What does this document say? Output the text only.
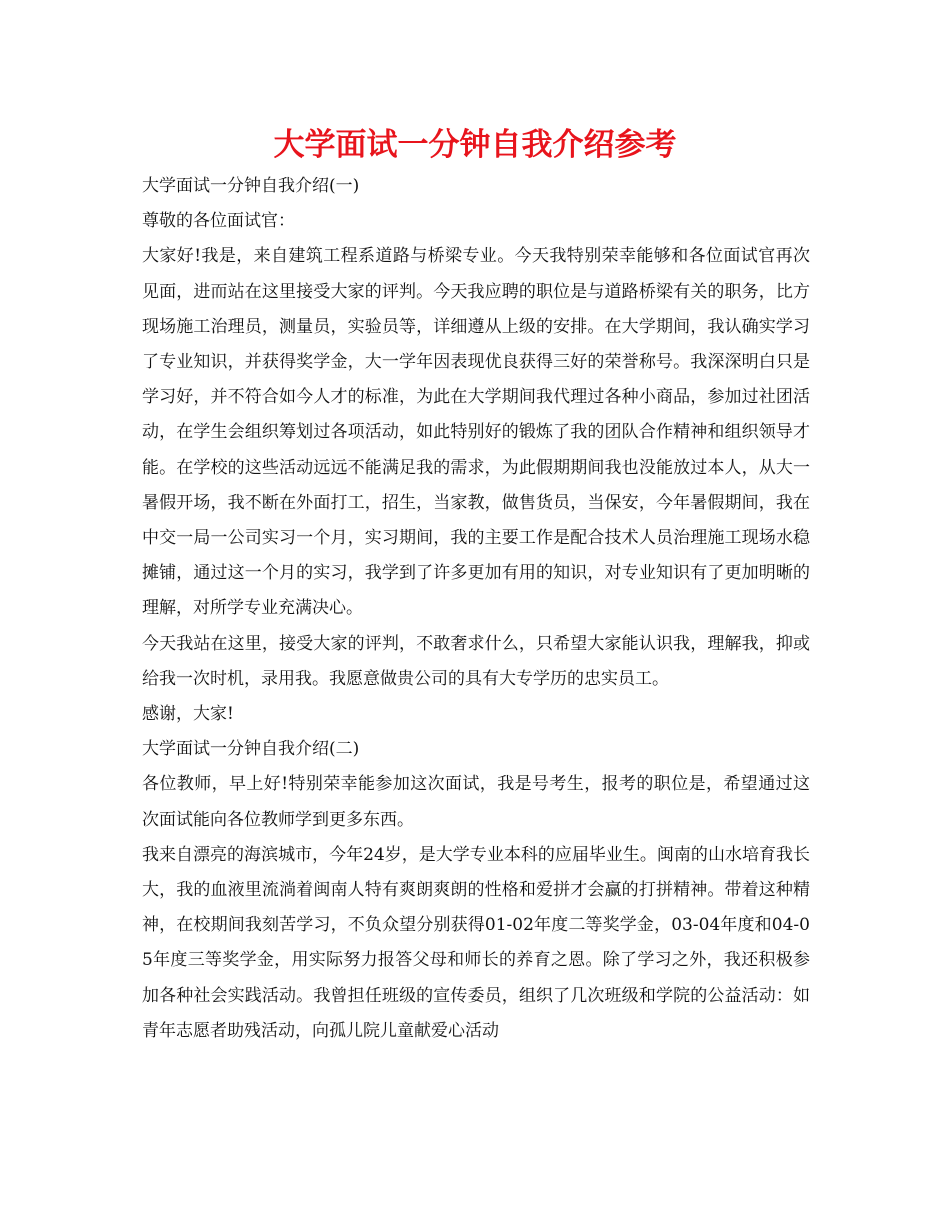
大学面试一分钟自我介绍参考

大学面试一分钟自我介绍(一)

尊敬的各位面试官：

大家好!我是，来自建筑工程系道路与桥梁专业。今天我特别荣幸能够和各位面试官再次见面，进而站在这里接受大家的评判。今天我应聘的职位是与道路桥梁有关的职务，比方现场施工治理员，测量员，实验员等，详细遵从上级的安排。在大学期间，我认确实学习了专业知识，并获得奖学金，大一学年因表现优良获得三好的荣誉称号。我深深明白只是学习好，并不符合如今人才的标准，为此在大学期间我代理过各种小商品，参加过社团活动，在学生会组织筹划过各项活动，如此特别好的锻炼了我的团队合作精神和组织领导才能。在学校的这些活动远远不能满足我的需求，为此假期期间我也没能放过本人，从大一暑假开场，我不断在外面打工，招生，当家教，做售货员，当保安，今年暑假期间，我在中交一局一公司实习一个月，实习期间，我的主要工作是配合技术人员治理施工现场水稳摊铺，通过这一个月的实习，我学到了许多更加有用的知识，对专业知识有了更加明晰的理解，对所学专业充满决心。

今天我站在这里，接受大家的评判，不敢奢求什么，只希望大家能认识我，理解我，抑或给我一次时机，录用我。我愿意做贵公司的具有大专学历的忠实员工。

感谢，大家!

大学面试一分钟自我介绍(二)

各位教师，早上好!特别荣幸能参加这次面试，我是号考生，报考的职位是，希望通过这次面试能向各位教师学到更多东西。

我来自漂亮的海滨城市，今年24岁，是大学专业本科的应届毕业生。闽南的山水培育我长大，我的血液里流淌着闽南人特有爽朗爽朗的性格和爱拼才会赢的打拼精神。带着这种精神，在校期间我刻苦学习，不负众望分别获得01-02年度二等奖学金，03-04年度和04-05年度三等奖学金，用实际努力报答父母和师长的养育之恩。除了学习之外，我还积极参加各种社会实践活动。我曾担任班级的宣传委员，组织了几次班级和学院的公益活动：如青年志愿者助残活动，向孤儿院儿童献爱心活动
